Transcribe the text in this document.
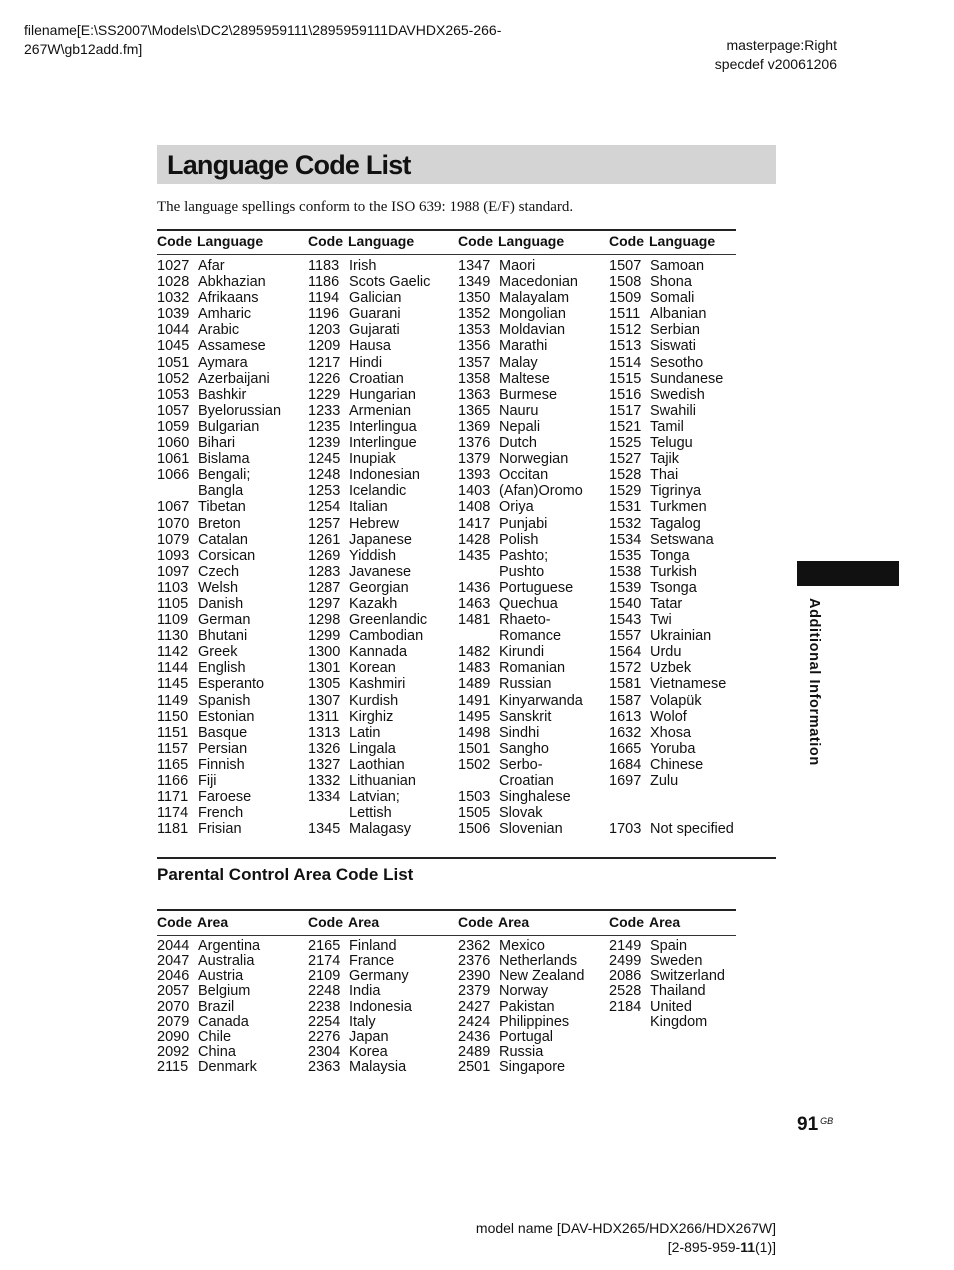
filename[E:\SS2007\Models\DC2\2895959111\2895959111DAVHDX265-266-
267W\gb12add.fm]	masterpage:Right
specdef v20061206
Language Code List
The language spellings conform to the ISO 639: 1988 (E/F) standard.
Code Language
1027 Afar
1028 Abkhazian
1032 Afrikaans
1039 Amharic
1044 Arabic
1045 Assamese
1051 Aymara
1052 Azerbaijani
1053 Bashkir
1057 Byelorussian
1059 Bulgarian
1060 Bihari
1061 Bislama
1066 Bengali;
Bangla
1067 Tibetan
1070 Breton
1079 Catalan
1093 Corsican
1097 Czech
1103 Welsh
1105 Danish
1109 German
1130 Bhutani
1142 Greek
1144 English
1145 Esperanto
1149 Spanish
1150 Estonian
1151 Basque
1157 Persian
1165 Finnish
1166 Fiji
1171 Faroese
1174 French
1181 Frisian
Code Language
1183 Irish
1186 Scots Gaelic
1194 Galician
1196 Guarani
1203 Gujarati
1209 Hausa
1217 Hindi
1226 Croatian
1229 Hungarian
1233 Armenian
1235 Interlingua
1239 Interlingue
1245 Inupiak
1248 Indonesian
1253 Icelandic
1254 Italian
1257 Hebrew
1261 Japanese
1269 Yiddish
1283 Javanese
1287 Georgian
1297 Kazakh
1298 Greenlandic
1299 Cambodian
1300 Kannada
1301 Korean
1305 Kashmiri
1307 Kurdish
1311 Kirghiz
1313 Latin
1326 Lingala
1327 Laothian
1332 Lithuanian
1334 Latvian;
Lettish
1345 Malagasy
Code Language
1347 Maori
1349 Macedonian
1350 Malayalam
1352 Mongolian
1353 Moldavian
1356 Marathi
1357 Malay
1358 Maltese
1363 Burmese
1365 Nauru
1369 Nepali
1376 Dutch
1379 Norwegian
1393 Occitan
1403 (Afan)Oromo
1408 Oriya
1417 Punjabi
1428 Polish
1435 Pashto;
Pushto
1436 Portuguese
1463 Quechua
1481 Rhaeto-
Romance
1482 Kirundi
1483 Romanian
1489 Russian
1491 Kinyarwanda
1495 Sanskrit
1498 Sindhi
1501 Sangho
1502 Serbo-
Croatian
1503 Singhalese
1505 Slovak
1506 Slovenian
Code Language
1507 Samoan
1508 Shona
1509 Somali
1511 Albanian
1512 Serbian
1513 Siswati
1514 Sesotho
1515 Sundanese
1516 Swedish
1517 Swahili
1521 Tamil
1525 Telugu
1527 Tajik
1528 Thai
1529 Tigrinya
1531 Turkmen
1532 Tagalog
1534 Setswana
1535 Tonga
1538 Turkish
1539 Tsonga
1540 Tatar
1543 Twi
1557 Ukrainian
1564 Urdu
1572 Uzbek
1581 Vietnamese
1587 Volapük
1613 Wolof
1632 Xhosa
1665 Yoruba
1684 Chinese
1697 Zulu
1703 Not specified
Parental Control Area Code List
Code Area
2044 Argentina
2047 Australia
2046 Austria
2057 Belgium
2070 Brazil
2079 Canada
2090 Chile
2092 China
2115 Denmark
Code Area
2165 Finland
2174 France
2109 Germany
2248 India
2238 Indonesia
2254 Italy
2276 Japan
2304 Korea
2363 Malaysia
Code Area
2362 Mexico
2376 Netherlands
2390 New Zealand
2379 Norway
2427 Pakistan
2424 Philippines
2436 Portugal
2489 Russia
2501 Singapore
Code Area
2149 Spain
2499 Sweden
2086 Switzerland
2528 Thailand
2184 United
Kingdom
Additional Information
91 $^{GB}$
model name [DAV-HDX265/HDX266/HDX267W]
[2-895-959-11(1)]
